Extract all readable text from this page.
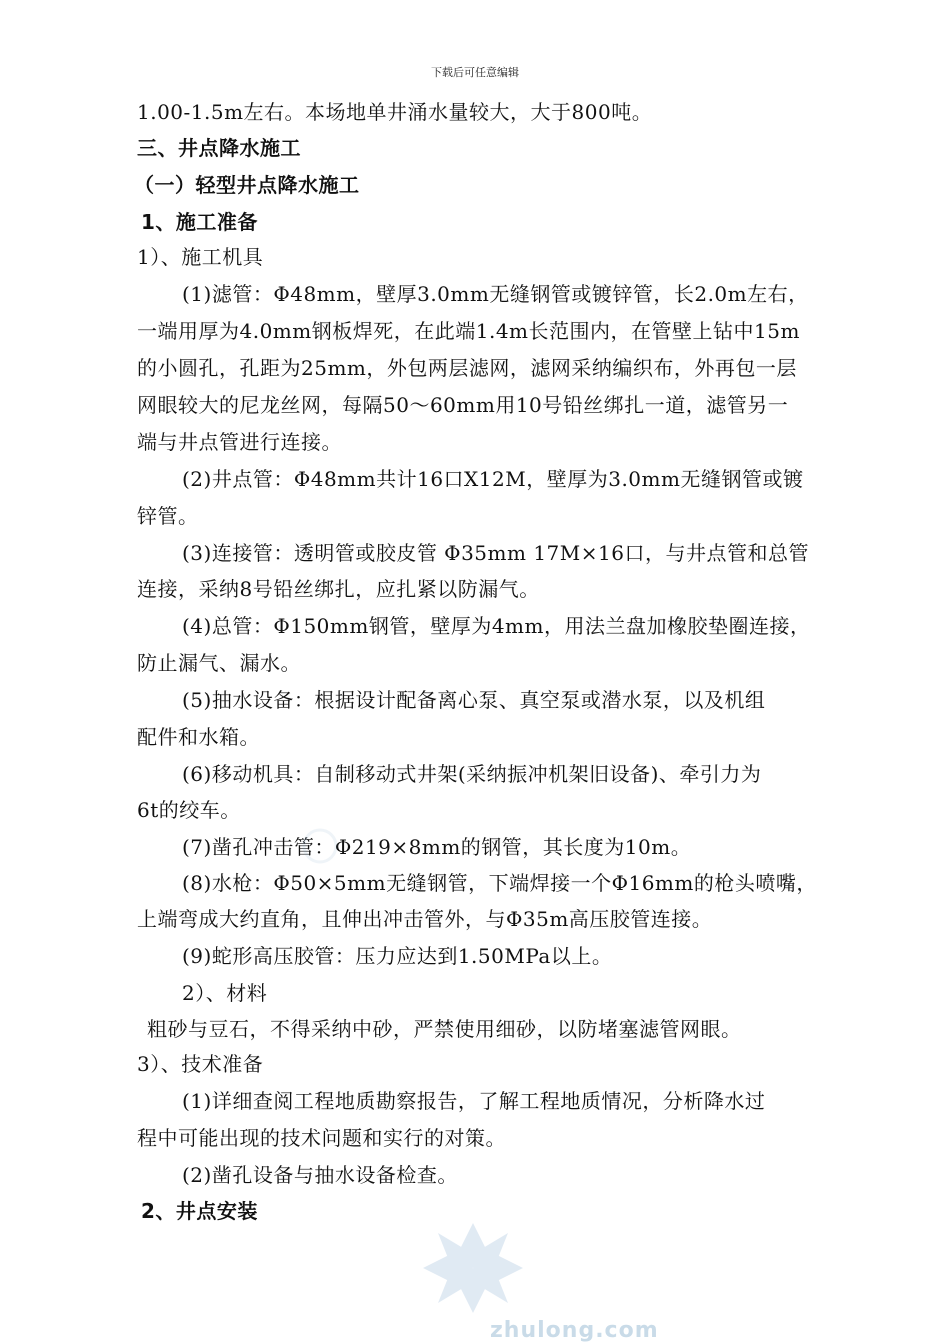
下载后可任意编辑
1.00-1.5m左右。本场地单井涌水量较大，大于800吨。
三、井点降水施工
（一）轻型井点降水施工
1、施工准备
1）、施工机具
(1)滤管：Φ48mm，壁厚3.0mm无缝钢管或镀锌管，长2.0m左右，
一端用厚为4.0mm钢板焊死，在此端1.4m长范围内，在管壁上钻中15m
的小圆孔，孔距为25mm，外包两层滤网，滤网采纳编织布，外再包一层
网眼较大的尼龙丝网，每隔50～60mm用10号铅丝绑扎一道，滤管另一
端与井点管进行连接。
(2)井点管：Φ48mm共计16口X12M，壁厚为3.0mm无缝钢管或镀
锌管。
(3)连接管：透明管或胶皮管 Φ35mm 17M×16口，与井点管和总管
连接，采纳8号铅丝绑扎，应扎紧以防漏气。
(4)总管：Φ150mm钢管，壁厚为4mm，用法兰盘加橡胶垫圈连接，
防止漏气、漏水。
(5)抽水设备：根据设计配备离心泵、真空泵或潜水泵，以及机组
配件和水箱。
(6)移动机具：自制移动式井架(采纳振冲机架旧设备)、牵引力为
6t的绞车。
(7)凿孔冲击管：Φ219×8mm的钢管，其长度为10m。
(8)水枪：Φ50×5mm无缝钢管，下端焊接一个Φ16mm的枪头喷嘴，
上端弯成大约直角，且伸出冲击管外，与Φ35m高压胶管连接。
(9)蛇形高压胶管：压力应达到1.50MPa以上。
2）、材料
粗砂与豆石，不得采纳中砂，严禁使用细砂，以防堵塞滤管网眼。
3）、技术准备
(1)详细查阅工程地质勘察报告，了解工程地质情况，分析降水过
程中可能出现的技术问题和实行的对策。
(2)凿孔设备与抽水设备检查。
2、井点安装
zhulong.com
